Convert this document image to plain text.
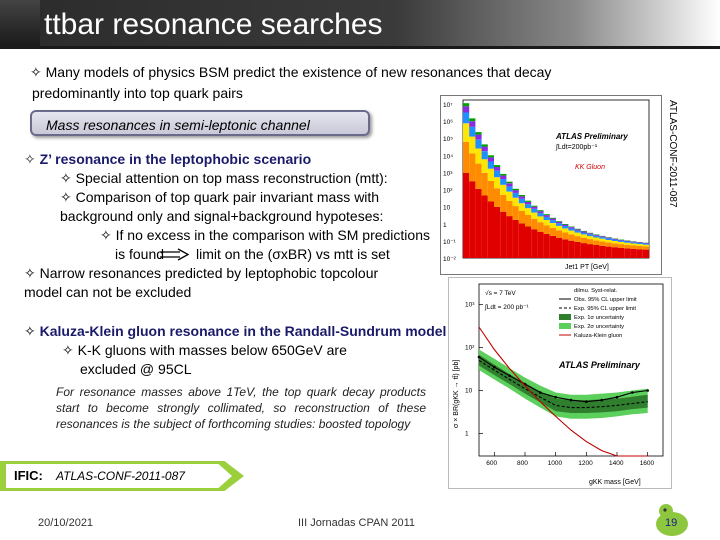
ttbar resonance searches
✧ Many models of physics BSM predict the existence of new resonances that decay
predominantly into top quark pairs
Mass resonances in semi-leptonic channel
✧ Z’ resonance in the leptophobic scenario
✧ Special attention on top mass reconstruction (mtt):
✧ Comparison of top quark pair invariant mass with
background only and signal+background hypoteses:
✧ If no excess in the comparison with SM predictions
is found limit on the (σxBR) vs mtt is set
✧ Narrow resonances predicted by leptophobic topcolour
model can not be excluded
✧ Kaluza-Klein gluon resonance in the Randall-Sundrum model
✧ K-K gluons with masses below 650GeV are
excluded @ 95CL
For resonance masses above 1TeV, the top quark decay products start to become strongly collimated, so reconstruction of these resonances is the subject of forthcoming studies: boosted topology
IFIC: ATLAS-CONF-2011-087
20/10/2021	III Jornadas CPAN 2011	19
ATLAS Preliminary
∫Ldt=200pb⁻¹
KK Gluon
Jet1 PT [GeV]
10⁷
10⁶
10⁵
10⁴
10³
10²
10
1
10⁻¹
10⁻²
ATLAS-CONF-2011-087
√s = 7 TeV
∫Ldt = 200 pb⁻¹
ATLAS Preliminary
dilmu. Syst-relat.
Obs. 95% CL upper limit
Exp. 95% CL upper limit
Exp. 1σ uncertainty
Exp. 2σ uncertainty
Kaluza-Klein gluon
600	800	1000 1200 1400 1600
10³
10²
10
1
gKK mass [GeV]
σ × BR(gKK → tt̄) [pb]
